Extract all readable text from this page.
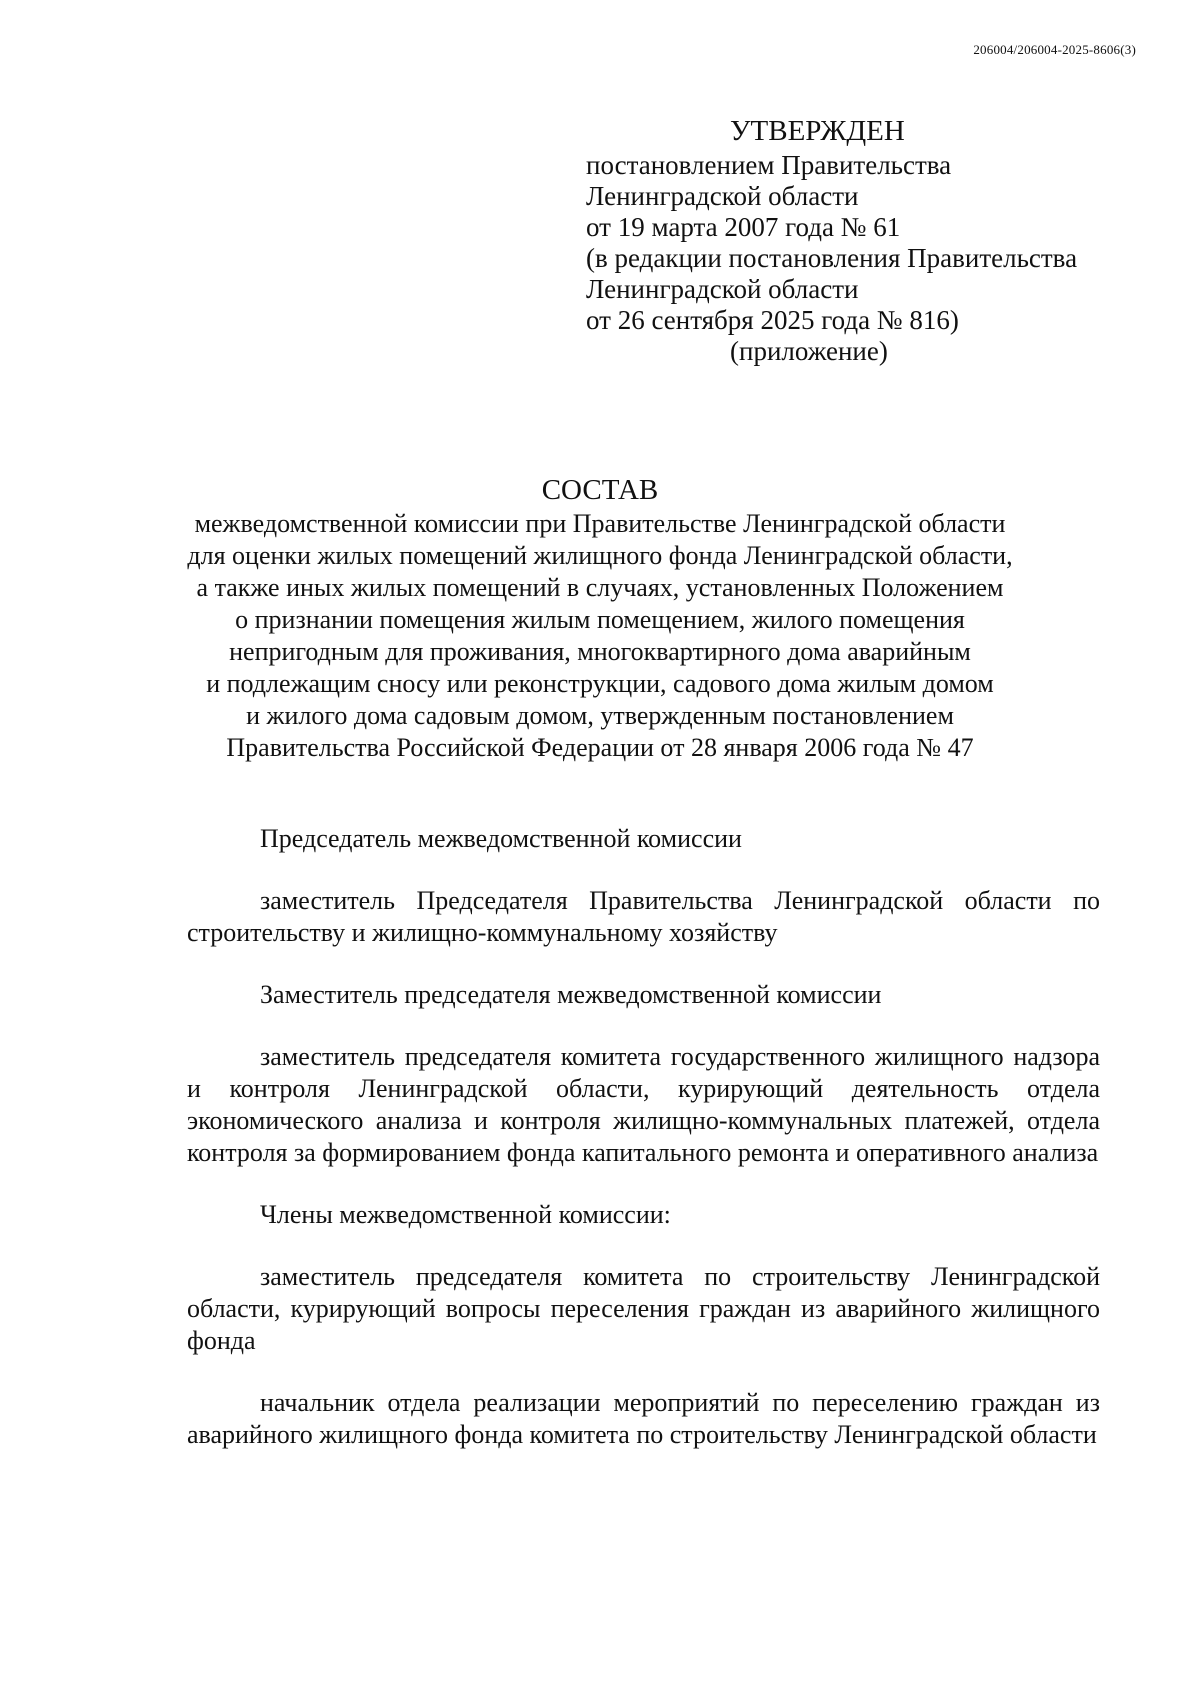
206004/206004-2025-8606(3)
УТВЕРЖДЕН
постановлением Правительства
Ленинградской области
от 19 марта 2007 года № 61
(в редакции постановления Правительства
Ленинградской области
от 26 сентября 2025 года № 816)
(приложение)
СОСТАВ
межведомственной комиссии при Правительстве Ленинградской области
для оценки жилых помещений жилищного фонда Ленинградской области,
а также иных жилых помещений в случаях, установленных Положением
о признании помещения жилым помещением, жилого помещения
непригодным для проживания, многоквартирного дома аварийным
и подлежащим сносу или реконструкции, садового дома жилым домом
и жилого дома садовым домом, утвержденным постановлением
Правительства Российской Федерации от 28 января 2006 года № 47

Председатель межведомственной комиссии

заместитель Председателя Правительства Ленинградской области по строительству и жилищно-коммунальному хозяйству

Заместитель председателя межведомственной комиссии

заместитель председателя комитета государственного жилищного надзора и контроля Ленинградской области, курирующий деятельность отдела экономического анализа и контроля жилищно-коммунальных платежей, отдела контроля за формированием фонда капитального ремонта и оперативного анализа

Члены межведомственной комиссии:

заместитель председателя комитета по строительству Ленинградской области, курирующий вопросы переселения граждан из аварийного жилищного фонда

начальник отдела реализации мероприятий по переселению граждан из аварийного жилищного фонда комитета по строительству Ленинградской области
